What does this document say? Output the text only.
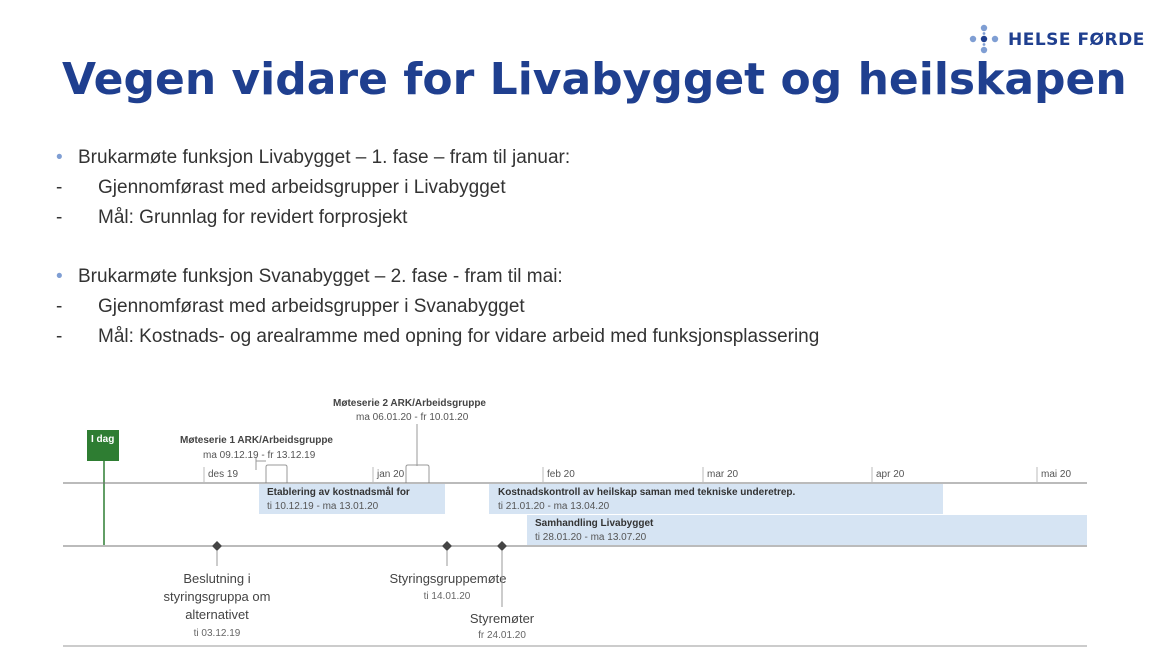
Vegen vidare for Livabygget og heilskapen
HELSE FØRDE
• Brukarmøte funksjon Livabygget – 1. fase – fram til januar:
- Gjennomførast med arbeidsgrupper i Livabygget
- Mål: Grunnlag for revidert forprosjekt
• Brukarmøte funksjon Svanabygget – 2. fase - fram til mai:
- Gjennomførast med arbeidsgrupper i Svanabygget
- Mål: Kostnads- og arealramme med opning for vidare arbeid med funksjonsplassering
I dag	Møteserie 1 ARK/Arbeidsgruppe
ma 09.12.19 - fr 13.12.19
Møteserie 2 ARK/Arbeidsgruppe
ma 06.01.20 - fr 10.01.20
des 19	jan 20	feb 20	mar 20	apr 20	mai 20
Etablering av kostnadsmål for
ti 10.12.19 - ma 13.01.20
Kostnadskontroll av heilskap saman med tekniske underetrep.
ti 21.01.20 - ma 13.04.20
Samhandling Livabygget
ti 28.01.20 - ma 13.07.20
Beslutning i
styringsgruppa om
alternativet
ti 03.12.19
Styringsgruppemøte
ti 14.01.20
Styremøter
fr 24.01.20
